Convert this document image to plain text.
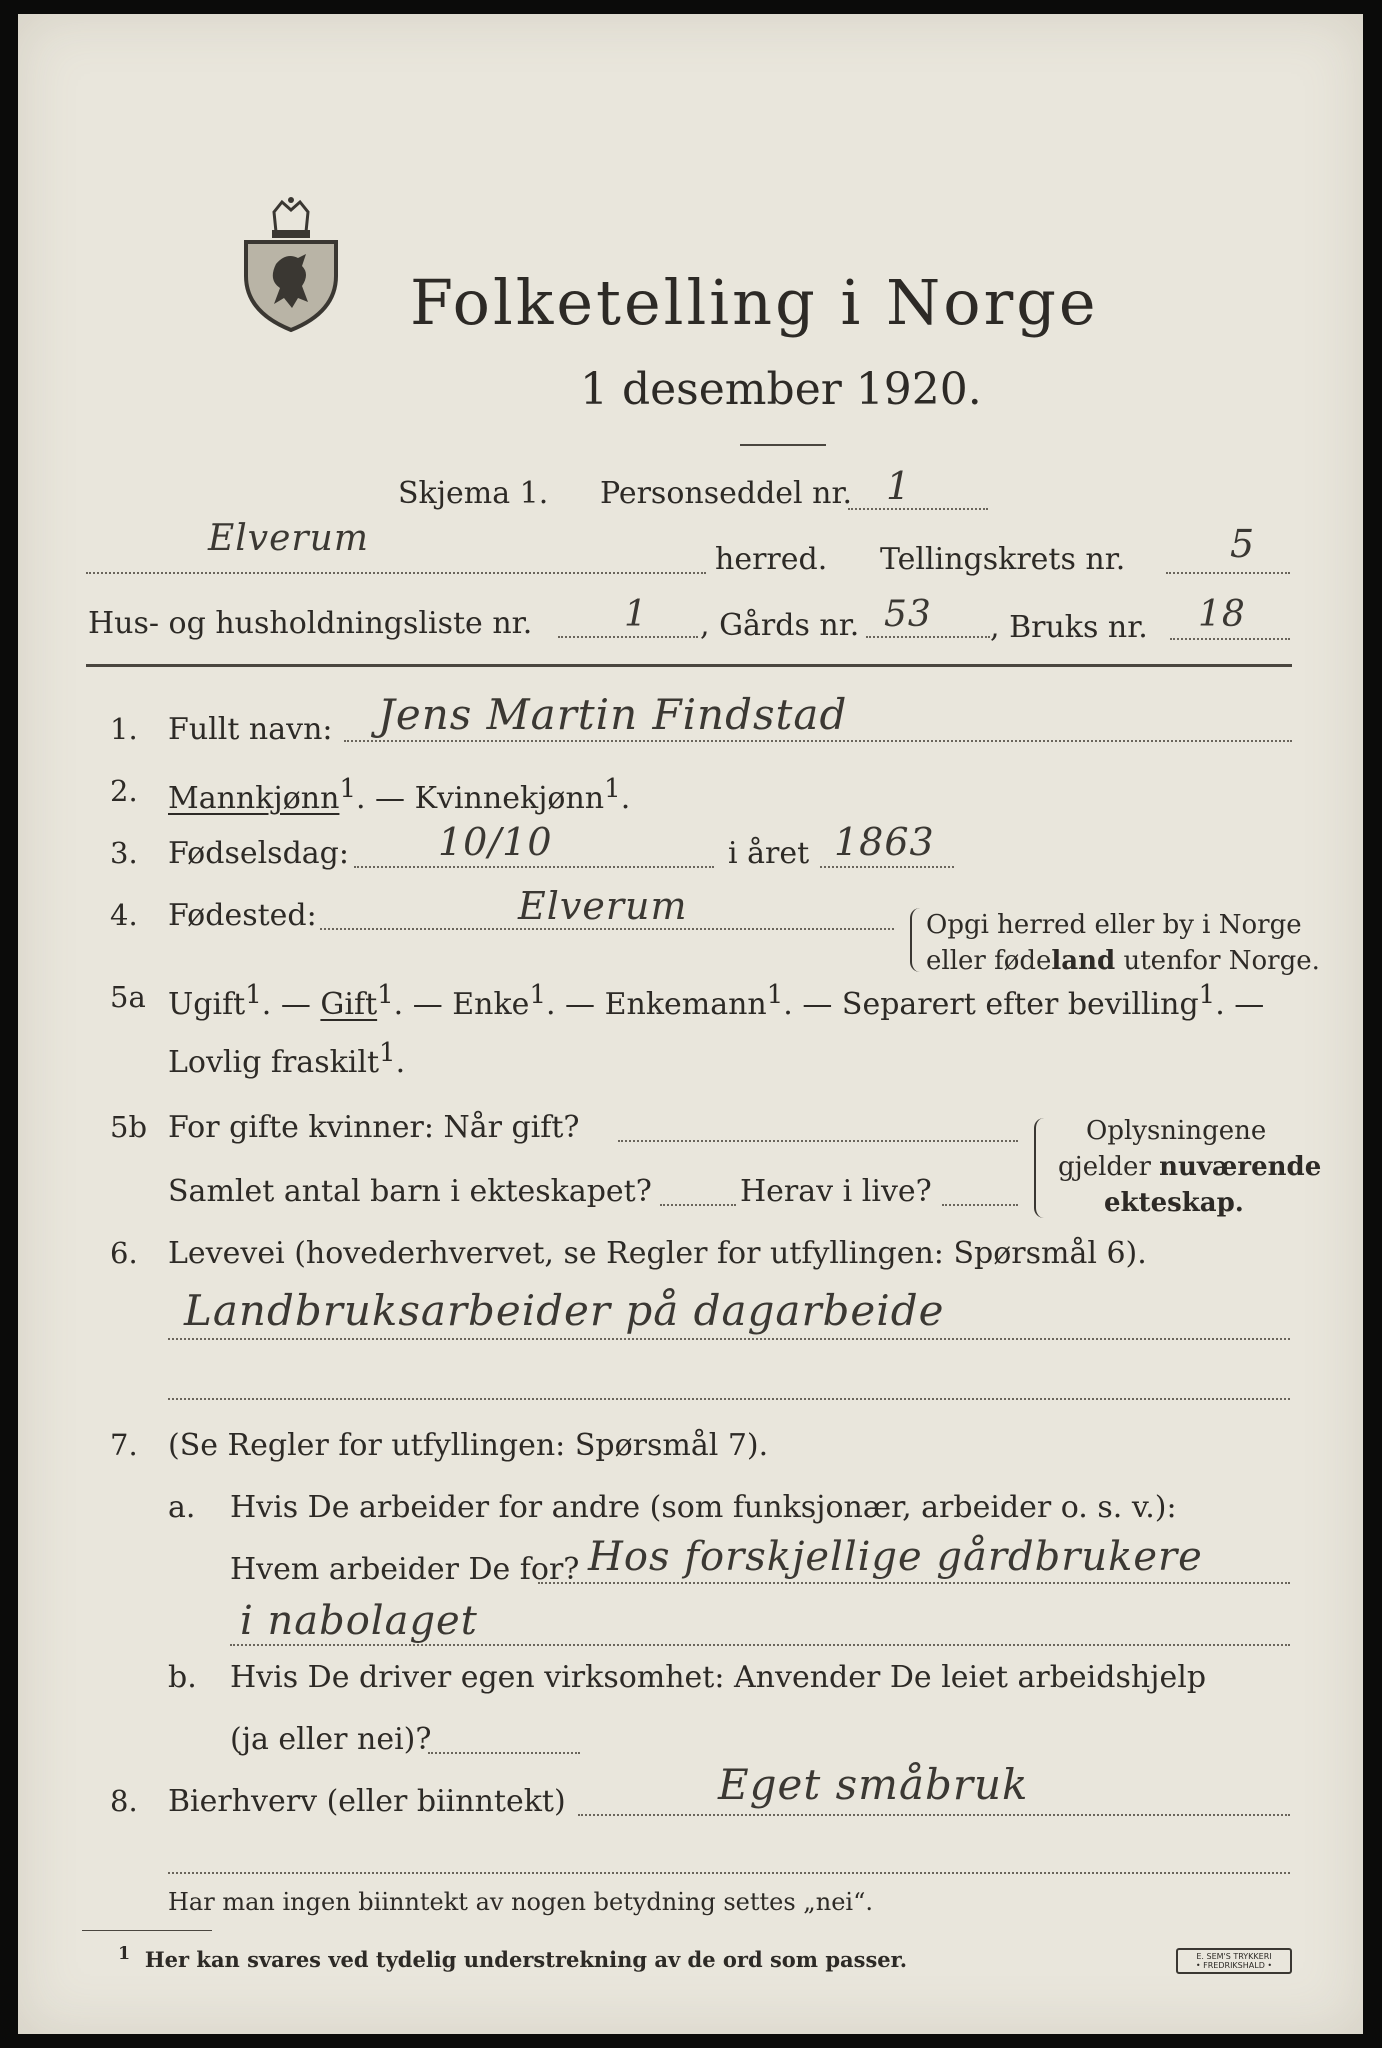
Folketelling i Norge
1 desember 1920.
Skjema 1. Personseddel nr. 1
Elverum
herred. Tellingskrets nr.	5
Hus- og husholdningsliste nr.	1 , Gårds nr. 53 , Bruks nr. 18
1. Fullt navn: Jens Martin Findstad
2. Mannkjønn$^1$. — Kvinnekjønn$^1$.
3. Fødselsdag: 10/10	i året 1863
4. Fødested:	Elverum	Opgi herred eller by i Norge
eller fødeland utenfor Norge.
5a Ugift$^1$. — Gift$^1$. — Enke$^1$. — Enkemann$^1$. — Separert efter bevilling$^1$. —
Lovlig fraskilt$^1$.
5b For gifte kvinner: Når gift?
Samlet antal barn i ekteskapet?	Herav i live?
Oplysningene
gjelder nuværende
ekteskap.
6. Levevei (hovederhvervet, se Regler for utfyllingen: Spørsmål 6).
Landbruksarbeider på dagarbeide
7. (Se Regler for utfyllingen: Spørsmål 7).
a. Hvis De arbeider for andre (som funksjonær, arbeider o. s. v.):
Hvem arbeider De for? Hos forskjellige gårdbrukere
i nabolaget
b. Hvis De driver egen virksomhet: Anvender De leiet arbeidshjelp
(ja eller nei)?
8. Bierhverv (eller biinntekt)	Eget småbruk
Har man ingen biinntekt av nogen betydning settes „nei“.
$^1$ Her kan svares ved tydelig understrekning av de ord som passer.	E. SEM'S TRYKKERI
• FREDRIKSHALD •
